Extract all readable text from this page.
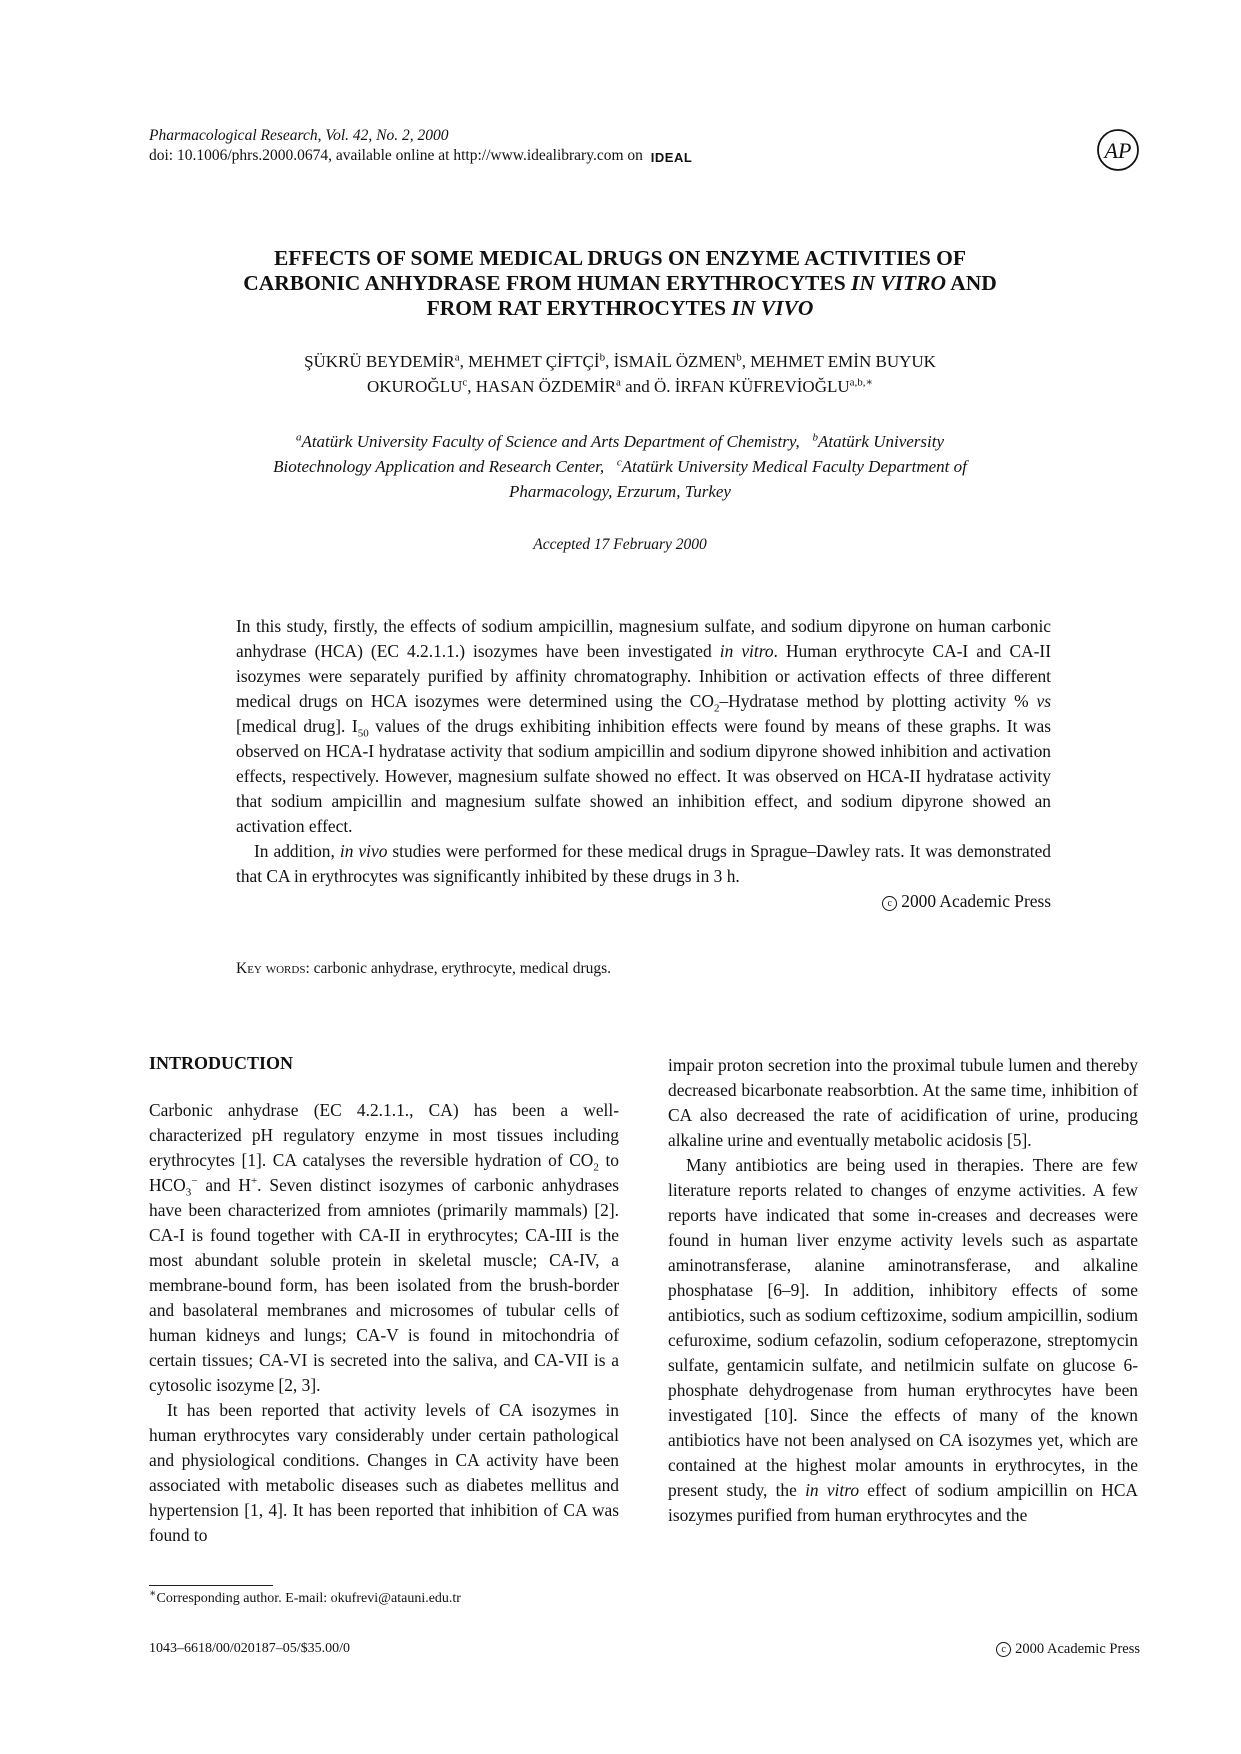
Pharmacological Research, Vol. 42, No. 2, 2000
doi: 10.1006/phrs.2000.0674, available online at http://www.idealibrary.com on IDEAL	AP
EFFECTS OF SOME MEDICAL DRUGS ON ENZYME ACTIVITIES OF
CARBONIC ANHYDRASE FROM HUMAN ERYTHROCYTES IN VITRO AND
FROM RAT ERYTHROCYTES IN VIVO
ŞÜKRÜ BEYDEMİR$^a$, MEHMET ÇİFTÇİ$^b$, İSMAİL ÖZMEN$^b$, MEHMET EMİN BUYUK
OKUROĞLU$^c$, HASAN ÖZDEMİR$^a$ and Ö. İRFAN $KÜFREVİOĞLU^{a,b,∗}$
$^a$Atatürk University Faculty of Science and Arts Department of Chemistry, $^b$Atatürk University
Biotechnology Application and Research Center, $^c$Atatürk University Medical Faculty Department of
Pharmacology, Erzurum, Turkey
Accepted 17 February 2000

In this study, firstly, the effects of sodium ampicillin, magnesium sulfate, and sodium dipyrone on human carbonic anhydrase (HCA) (EC 4.2.1.1.) isozymes have been investigated in vitro. Human erythrocyte CA-I and CA-II isozymes were separately purified by affinity chromatography. Inhibition or activation effects of three different medical drugs on HCA isozymes were determined using the $CO_2$–Hydratase method by plotting activity % vs [medical drug]. $I_{50}$ values of the drugs exhibiting inhibition effects were found by means of these graphs. It was observed on HCA-I hydratase activity that sodium ampicillin and sodium dipyrone showed inhibition and activation effects, respectively. However, magnesium sulfate showed no effect. It was observed on HCA-II hydratase activity that sodium ampicillin and magnesium sulfate showed an inhibition effect, and sodium dipyrone showed an activation effect.

In addition, in vivo studies were performed for these medical drugs in Sprague–Dawley rats. It was demonstrated that CA in erythrocytes was significantly inhibited by these drugs in 3 h.

c 2000 Academic Press

Key words: carbonic anhydrase, erythrocyte, medical drugs.

INTRODUCTION

Carbonic anhydrase (EC 4.2.1.1., CA) has been a well-characterized pH regulatory enzyme in most tissues including erythrocytes [1]. CA catalyses the reversible hydration of $CO_2$ to $HCO_3^-$ and H+. Seven distinct isozymes of carbonic anhydrases have been characterized from amniotes (primarily mammals) [2]. CA-I is found together with CA-II in erythrocytes; CA-III is the most abundant soluble protein in skeletal muscle; CA-IV, a membrane-bound form, has been isolated from the brush-border and basolateral membranes and microsomes of tubular cells of human kidneys and lungs; CA-V is found in mitochondria of certain tissues; CA-VI is secreted into the saliva, and CA-VII is a cytosolic isozyme [2, 3].

It has been reported that activity levels of CA isozymes in human erythrocytes vary considerably under certain pathological and physiological conditions. Changes in CA activity have been associated with metabolic diseases such as diabetes mellitus and hypertension [1, 4]. It has been reported that inhibition of CA was found to

impair proton secretion into the proximal tubule lumen and thereby decreased bicarbonate reabsorbtion. At the same time, inhibition of CA also decreased the rate of acidification of urine, producing alkaline urine and eventually metabolic acidosis [5].

Many antibiotics are being used in therapies. There are few literature reports related to changes of enzyme activities. A few reports have indicated that some in-creases and decreases were found in human liver enzyme activity levels such as aspartate aminotransferase, alanine aminotransferase, and alkaline phosphatase [6–9]. In addition, inhibitory effects of some antibiotics, such as sodium ceftizoxime, sodium ampicillin, sodium cefuroxime, sodium cefazolin, sodium cefoperazone, streptomycin sulfate, gentamicin sulfate, and netilmicin sulfate on glucose 6-phosphate dehydrogenase from human erythrocytes have been investigated [10]. Since the effects of many of the known antibiotics have not been analysed on CA isozymes yet, which are contained at the highest molar amounts in erythrocytes, in the present study, the in vitro effect of sodium ampicillin on HCA isozymes purified from human erythrocytes and the

∗Corresponding author. E-mail: okufrevi@atauni.edu.tr
1043–6618/00/020187–05/$35.00/0	c 2000 Academic Press
